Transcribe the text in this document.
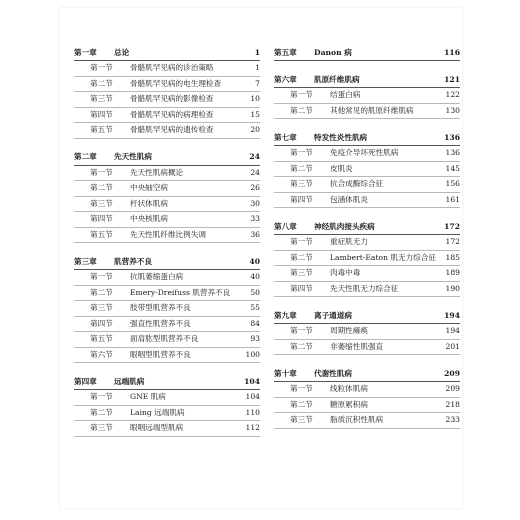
第一章	总论	1
第一节	骨骼肌罕见病的诊治策略	1
第二节	骨骼肌罕见病的电生理检查	7
第三节	骨骼肌罕见病的影像检查	10
第四节	骨骼肌罕见病的病理检查	15
第五节	骨骼肌罕见病的遗传检查	20
第二章	先天性肌病	24
第一节	先天性肌病概论	24
第二节	中央轴空病	26
第三节	杆状体肌病	30
第四节	中央核肌病	33
第五节	先天性肌纤维比例失调	36
第三章	肌营养不良	40
第一节	抗肌萎缩蛋白病	40
第二节	Emery-Dreifuss 肌营养不良	50
第三节	肢带型肌营养不良	55
第四节	强直性肌营养不良	84
第五节	面肩肱型肌营养不良	93
第六节	眼咽型肌营养不良	100
第四章	远端肌病	104
第一节	GNE 肌病	104
第二节	Laing 远端肌病	110
第三节	眼咽远端型肌病	112
第五章	Danon 病	116
第六章	肌原纤维肌病	121
第一节	结蛋白病	122
第二节	其他常见的肌原纤维肌病	130
第七章	特发性炎性肌病	136
第一节	免疫介导坏死性肌病	136
第二节	皮肌炎	145
第三节	抗合成酶综合征	156
第四节	包涵体肌炎	161
第八章	神经肌肉接头疾病	172
第一节	重症肌无力	172
第二节	Lambert-Eaton 肌无力综合征	185
第三节	肉毒中毒	189
第四节	先天性肌无力综合征	190
第九章	离子通道病	194
第一节	周期性瘫痪	194
第二节	非萎缩性肌强直	201
第十章	代谢性肌病	209
第一节	线粒体肌病	209
第二节	糖原累积病	218
第三节	脂质沉积性肌病	233
